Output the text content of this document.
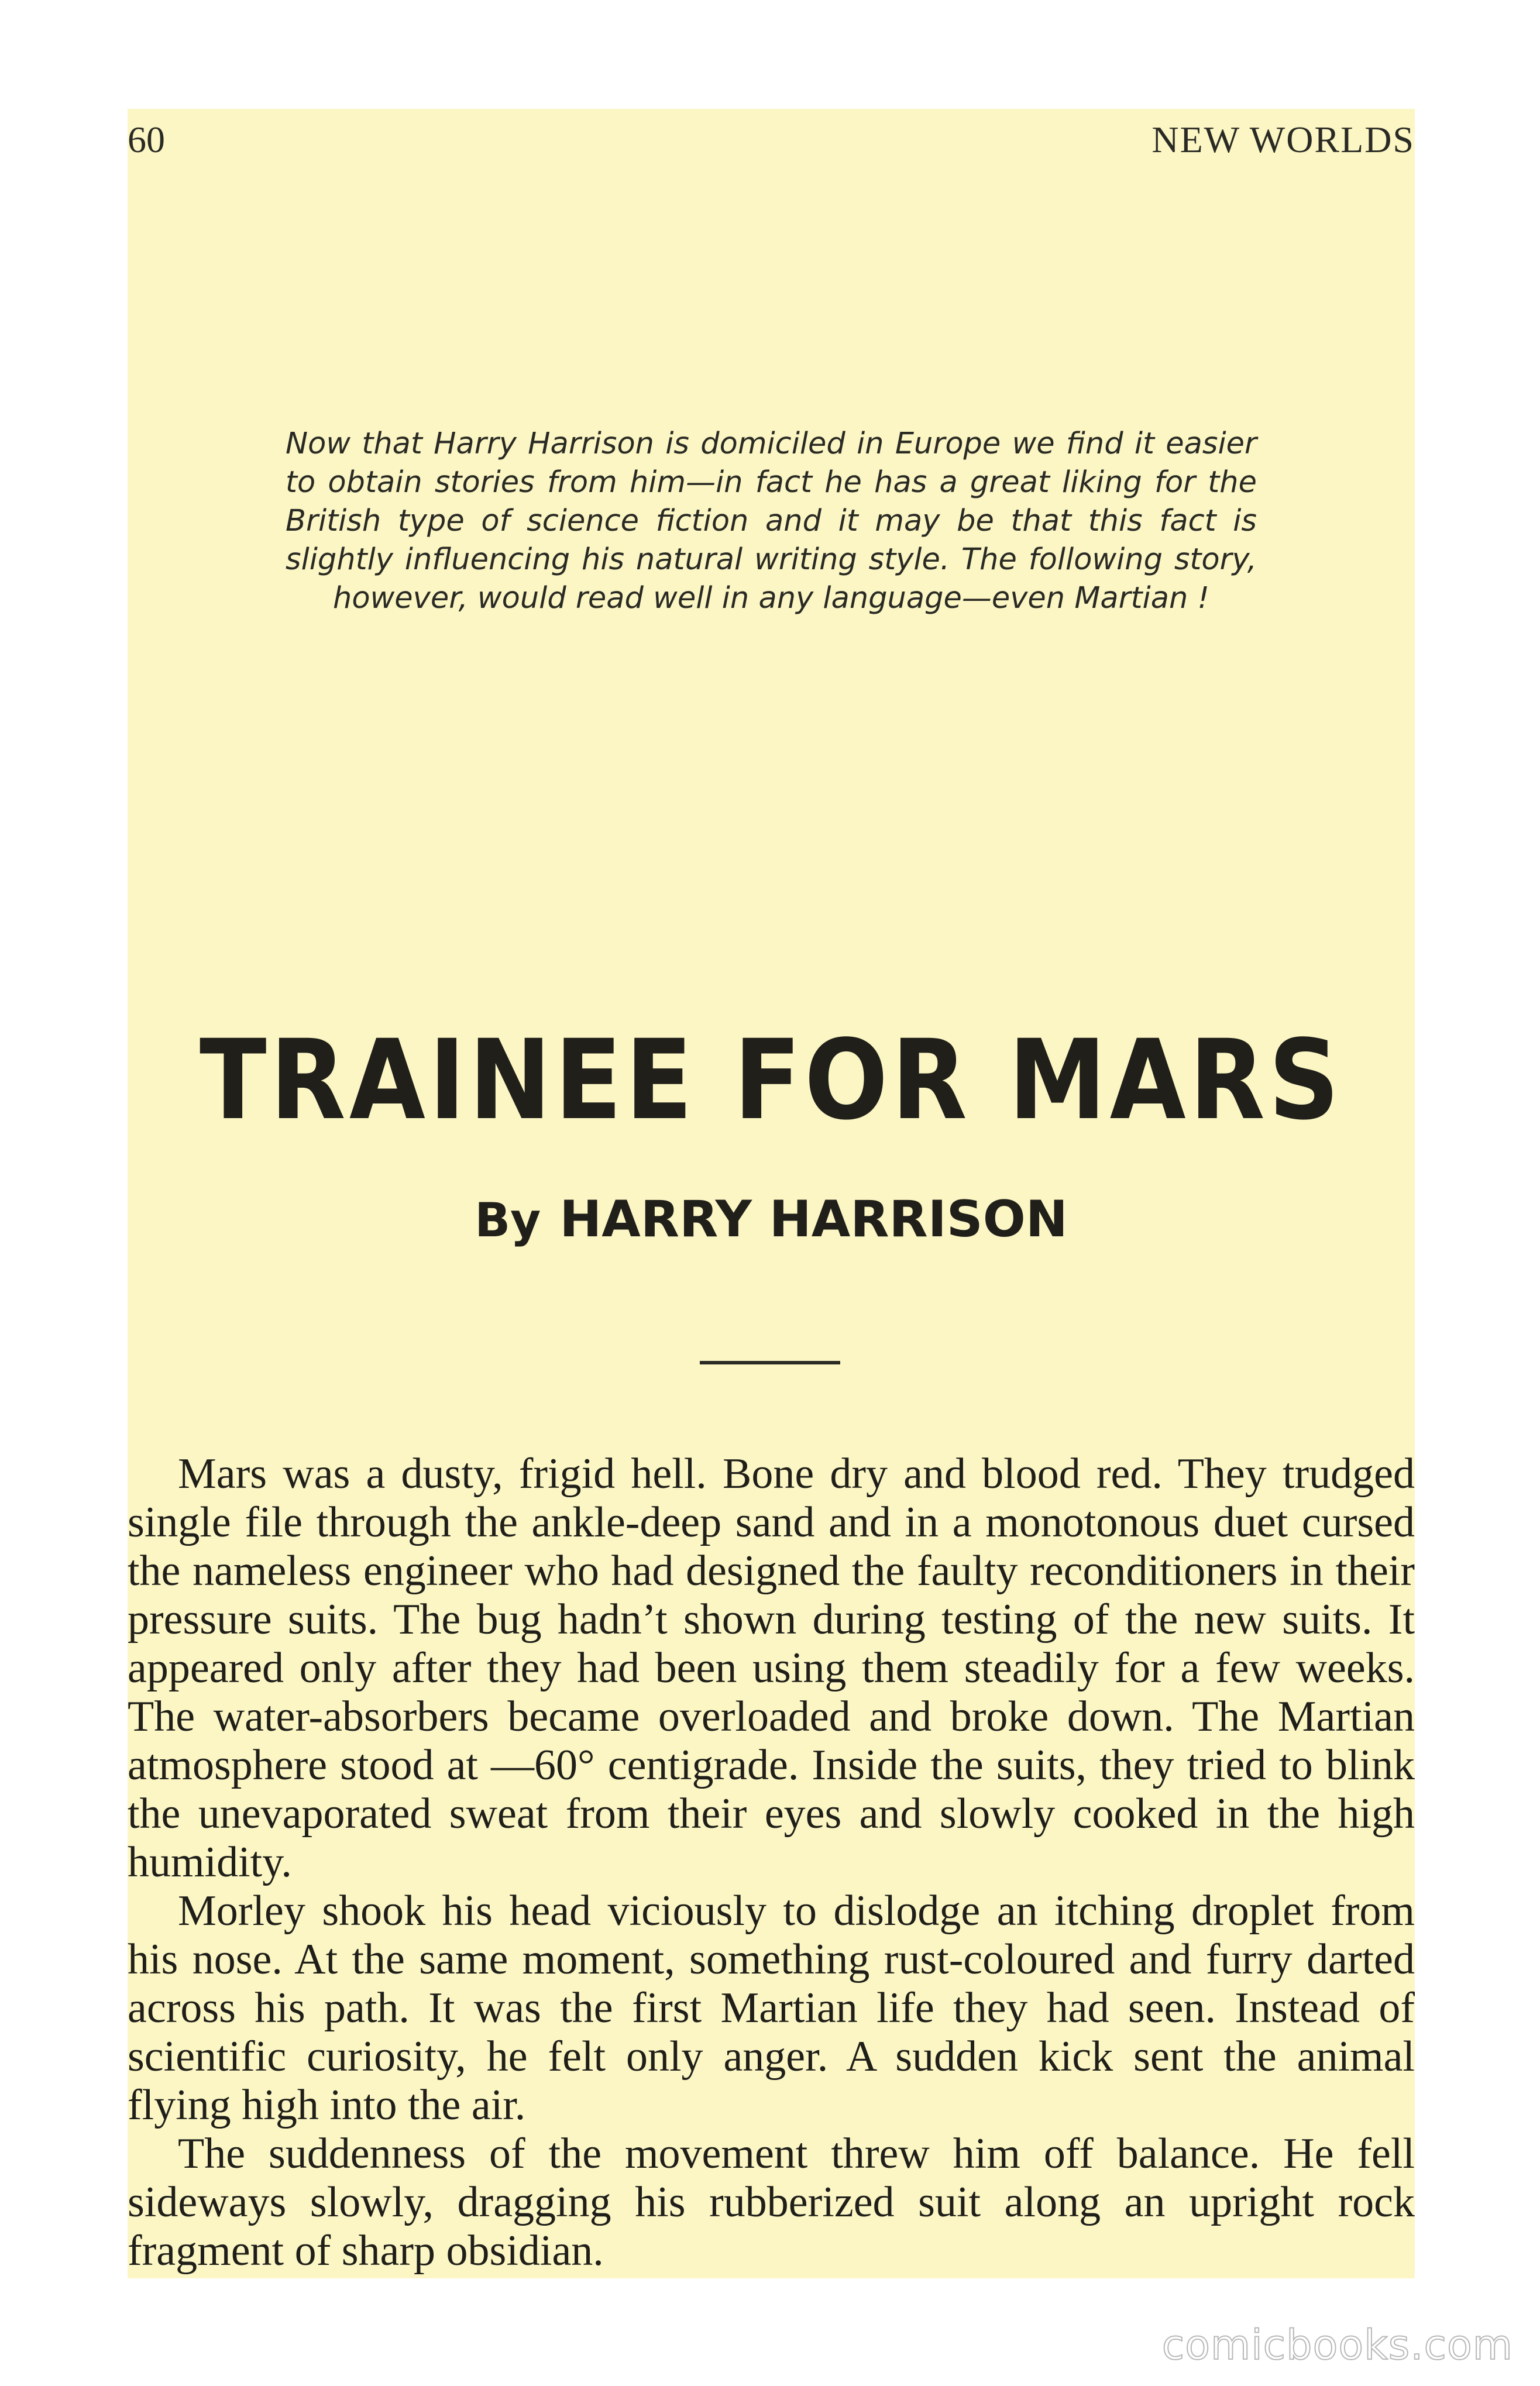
60	NEW WORLDS
Now that Harry Harrison is domiciled in Europe we find it easier to obtain stories from him—in fact he has a great liking for the British type of science fiction and it may be that this fact is slightly influencing his natural writing style. The following story, however, would read well in any language—even Martian !
TRAINEE FOR MARS
By HARRY HARRISON

Mars was a dusty, frigid hell. Bone dry and blood red. They trudged single file through the ankle-deep sand and in a monotonous duet cursed the nameless engineer who had designed the faulty reconditioners in their pressure suits. The bug hadn’t shown during testing of the new suits. It appeared only after they had been using them steadily for a few weeks. The water-absorbers became overloaded and broke down. The Martian atmosphere stood at —60° centigrade. Inside the suits, they tried to blink the unevaporated sweat from their eyes and slowly cooked in the high humidity.

Morley shook his head viciously to dislodge an itching droplet from his nose. At the same moment, something rust-coloured and furry darted across his path. It was the first Martian life they had seen. Instead of scientific curiosity, he felt only anger. A sudden kick sent the animal flying high into the air.

The suddenness of the movement threw him off balance. He fell sideways slowly, dragging his rubberized suit along an upright rock fragment of sharp obsidian.

comicbooks.com
